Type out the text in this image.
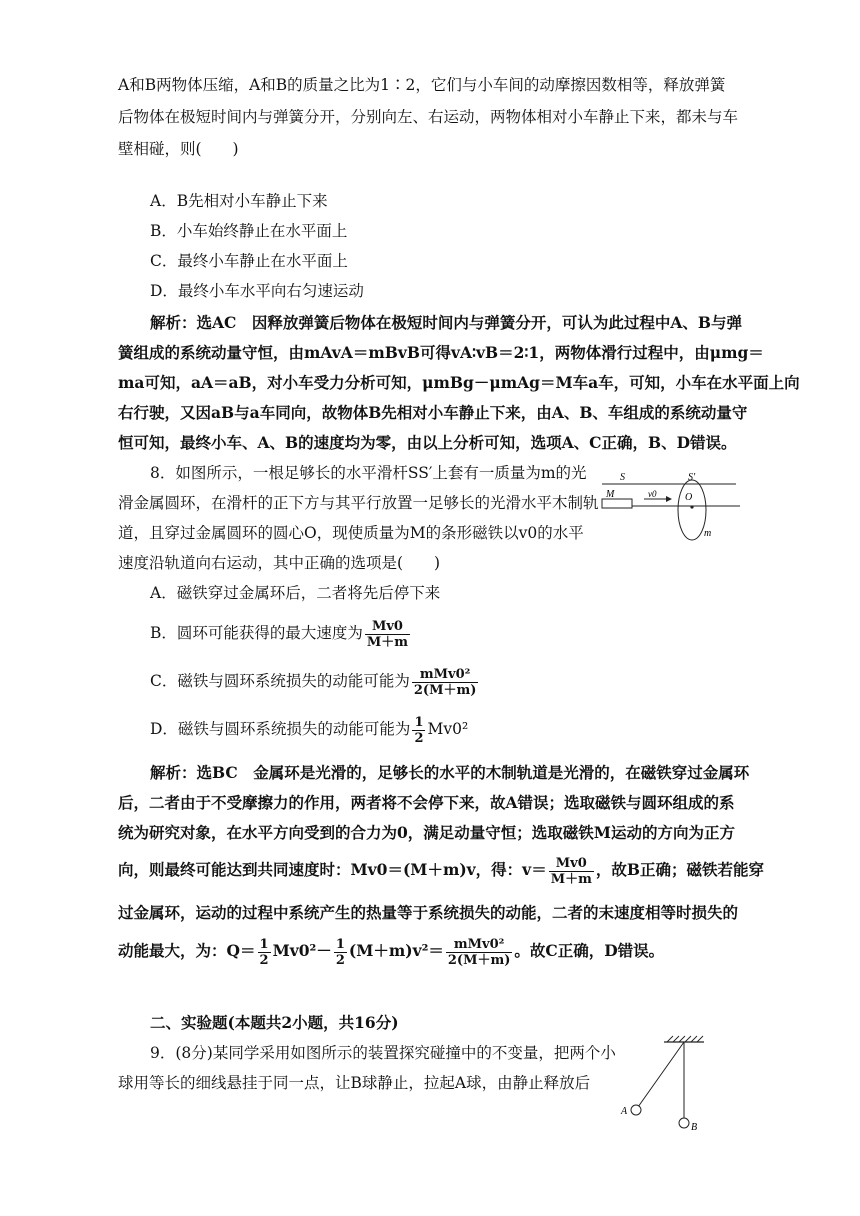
A和B两物体压缩，A和B的质量之比为1∶2，它们与小车间的动摩擦因数相等，释放弹簧
后物体在极短时间内与弹簧分开，分别向左、右运动，两物体相对小车静止下来，都未与车
壁相碰，则(　　)
A．B先相对小车静止下来
B．小车始终静止在水平面上
C．最终小车静止在水平面上
D．最终小车水平向右匀速运动
解析：选AC　因释放弹簧后物体在极短时间内与弹簧分开，可认为此过程中A、B与弹
簧组成的系统动量守恒，由mAvA＝mBvB可得vA∶vB＝2∶1，两物体滑行过程中，由μmg＝
ma可知，aA＝aB，对小车受力分析可知，μmBg－μmAg＝M车a车，可知，小车在水平面上向
右行驶，又因aB与a车同向，故物体B先相对小车静止下来，由A、B、车组成的系统动量守
恒可知，最终小车、A、B的速度均为零，由以上分析可知，选项A、C正确，B、D错误。
8．如图所示，一根足够长的水平滑杆SS′上套有一质量为m的光
滑金属圆环，在滑杆的正下方与其平行放置一足够长的光滑水平木制轨
道，且穿过金属圆环的圆心O，现使质量为M的条形磁铁以v0的水平
速度沿轨道向右运动，其中正确的选项是(　　)
S	S′
M	v0	O
m
A．磁铁穿过金属环后，二者将先后停下来
B．圆环可能获得的最大速度为 $\frac{Mv0}{M+m}$
C．磁铁与圆环系统损失的动能可能为 $\frac{\text{mMv0²}}{2(M+m)}$
D．磁铁与圆环系统损失的动能可能为 $\frac{1}{2} Mv0^2$
解析：选BC　金属环是光滑的，足够长的水平的木制轨道是光滑的，在磁铁穿过金属环
后，二者由于不受摩擦力的作用，两者将不会停下来，故A错误；选取磁铁与圆环组成的系
统为研究对象，在水平方向受到的合力为0，满足动量守恒；选取磁铁M运动的方向为正方
向，则最终可能达到共同速度时：Mv0＝(M＋m)v，得：$v= \frac{Mv0}{M+m}$ ，故B正确；磁铁若能穿
过金属环，运动的过程中系统产生的热量等于系统损失的动能，二者的末速度相等时损失的
动能最大，为：$Q= \frac{1}{2} Mv0^2- \frac{1}{2} (M+m)v^2= \frac{\text{mMv0²}}{2(M+m)}$ 。故C正确，D错误。
二、实验题(本题共2小题，共16分)
9．(8分)某同学采用如图所示的装置探究碰撞中的不变量，把两个小
球用等长的细线悬挂于同一点，让B球静止，拉起A球，由静止释放后
A
B
